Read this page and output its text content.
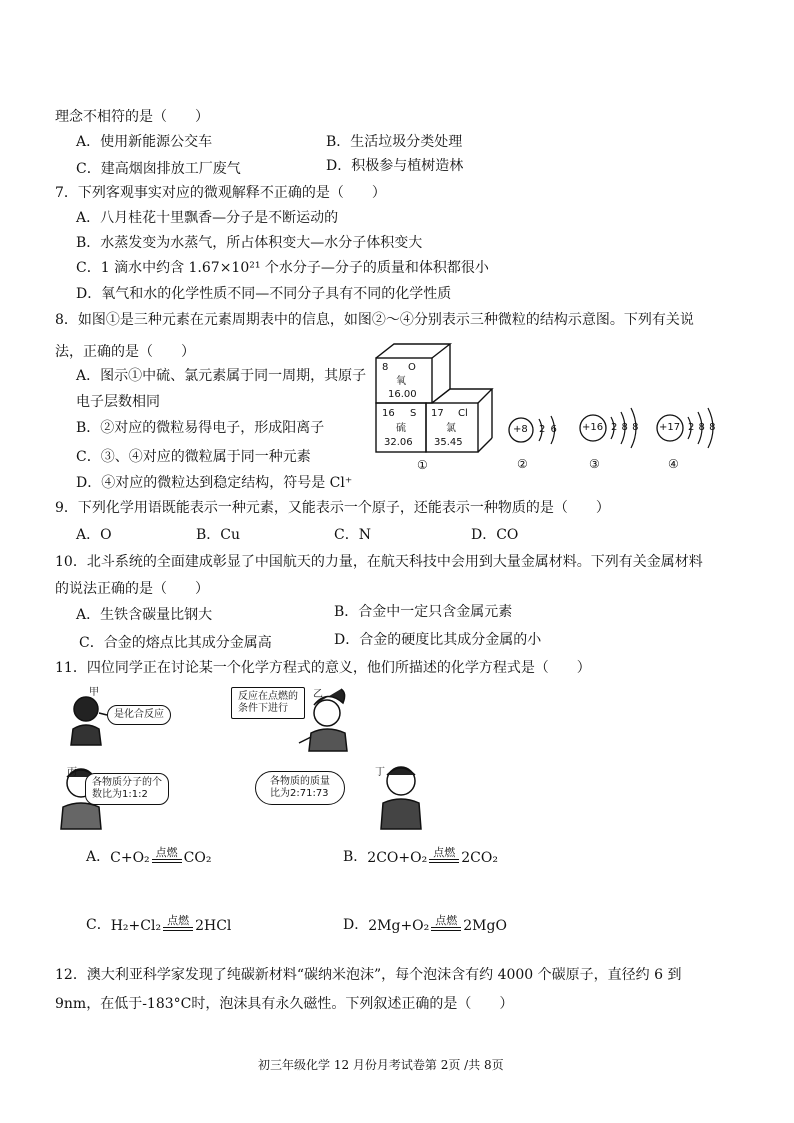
理念不相符的是（　　）
A．使用新能源公交车	B．生活垃圾分类处理
C．建高烟囱排放工厂废气	D．积极参与植树造林
7．下列客观事实对应的微观解释不正确的是（　　）
A．八月桂花十里飘香—分子是不断运动的
B．水蒸发变为水蒸气，所占体积变大—水分子体积变大
C．1 滴水中约含 1.67×10²¹ 个水分子—分子的质量和体积都很小
D．氧气和水的化学性质不同—不同分子具有不同的化学性质
8．如图①是三种元素在元素周期表中的信息，如图②～④分别表示三种微粒的结构示意图。下列有关说
法，正确的是（　　）
A．图示①中硫、氯元素属于同一周期，其原子
电子层数相同
B．②对应的微粒易得电子，形成阳离子
C．③、④对应的微粒属于同一种元素
D．④对应的微粒达到稳定结构，符号是 Cl⁺
8 O
氧
16.00
16 S
硫
32.06
17 Cl
氯
35.45
①
+8 2 6
②
+16 2 8 8
③
+17 2 8 8
④
9．下列化学用语既能表示一种元素，又能表示一个原子，还能表示一种物质的是（　　）
A．O	B．Cu	C．N	D．CO
10．北斗系统的全面建成彰显了中国航天的力量，在航天科技中会用到大量金属材料。下列有关金属材料
的说法正确的是（　　）
A．生铁含碳量比钢大	B．合金中一定只含金属元素
C．合金的熔点比其成分金属高	D．合金的硬度比其成分金属的小
11．四位同学正在讨论某一个化学方程式的意义，他们所描述的化学方程式是（　　）
甲
是化合反应
乙
反应在点燃的
条件下进行
丙
各物质分子的个
数比为1:1:2
丁
各物质的质量
比为2:71:73
A． C+O₂ 点燃 CO₂	B． 2CO+O₂ 点燃 2CO₂
C． H₂+Cl₂ 点燃 2HCl	D． 2Mg+O₂ 点燃 2MgO
12．澳大利亚科学家发现了纯碳新材料“碳纳米泡沫”，每个泡沫含有约 4000 个碳原子，直径约 6 到
9nm，在低于-183°C时，泡沫具有永久磁性。下列叙述正确的是（　　）
初三年级化学 12 月份月考试卷第 2页 /共 8页
